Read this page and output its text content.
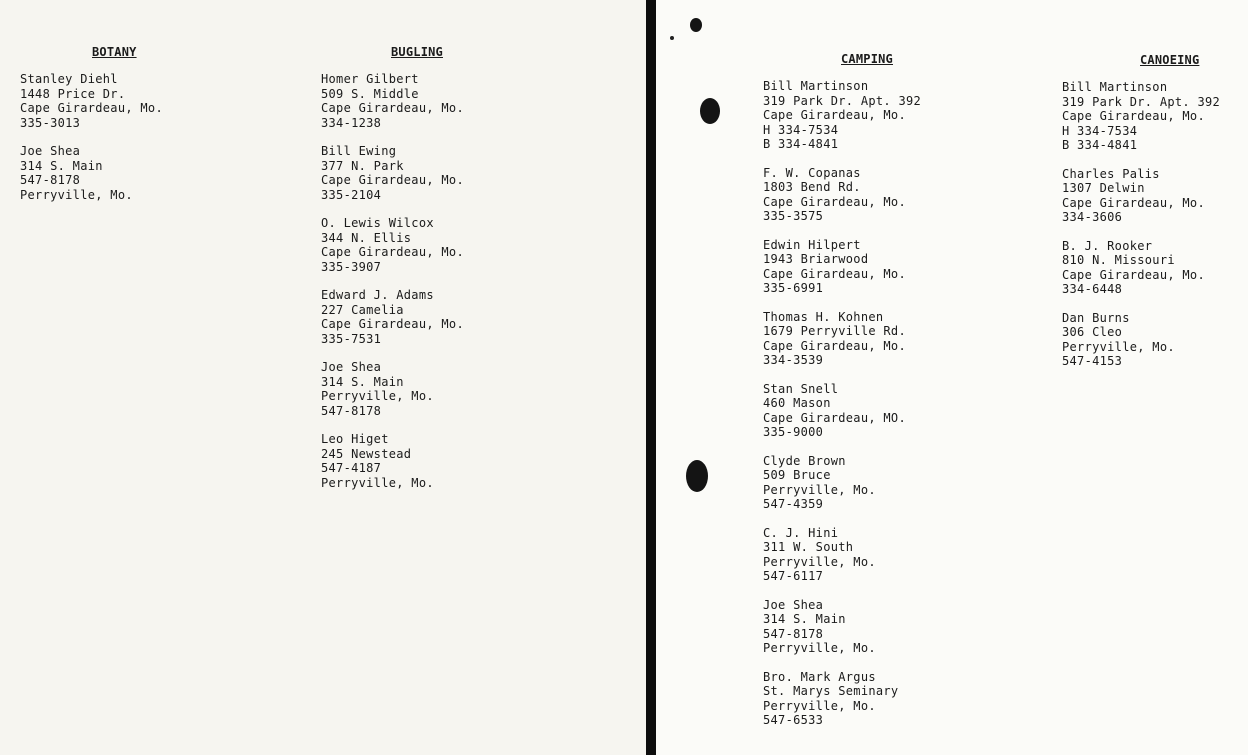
BOTANY
Stanley Diehl
1448 Price Dr.
Cape Girardeau, Mo.
335-3013
Joe Shea
314 S. Main
547-8178
Perryville, Mo.
BUGLING
Homer Gilbert
509 S. Middle
Cape Girardeau, Mo.
334-1238
Bill Ewing
377 N. Park
Cape Girardeau, Mo.
335-2104
O. Lewis Wilcox
344 N. Ellis
Cape Girardeau, Mo.
335-3907
Edward J. Adams
227 Camelia
Cape Girardeau, Mo.
335-7531
Joe Shea
314 S. Main
Perryville, Mo.
547-8178
Leo Higet
245 Newstead
547-4187
Perryville, Mo.
CAMPING
Bill Martinson
319 Park Dr. Apt. 392
Cape Girardeau, Mo.
H 334-7534
B 334-4841
F. W. Copanas
1803 Bend Rd.
Cape Girardeau, Mo.
335-3575
Edwin Hilpert
1943 Briarwood
Cape Girardeau, Mo.
335-6991
Thomas H. Kohnen
1679 Perryville Rd.
Cape Girardeau, Mo.
334-3539
Stan Snell
460 Mason
Cape Girardeau, MO.
335-9000
Clyde Brown
509 Bruce
Perryville, Mo.
547-4359
C. J. Hini
311 W. South
Perryville, Mo.
547-6117
Joe Shea
314 S. Main
547-8178
Perryville, Mo.
Bro. Mark Argus
St. Marys Seminary
Perryville, Mo.
547-6533
CANOEING
Bill Martinson
319 Park Dr. Apt. 392
Cape Girardeau, Mo.
H 334-7534
B 334-4841
Charles Palis
1307 Delwin
Cape Girardeau, Mo.
334-3606
B. J. Rooker
810 N. Missouri
Cape Girardeau, Mo.
334-6448
Dan Burns
306 Cleo
Perryville, Mo.
547-4153
